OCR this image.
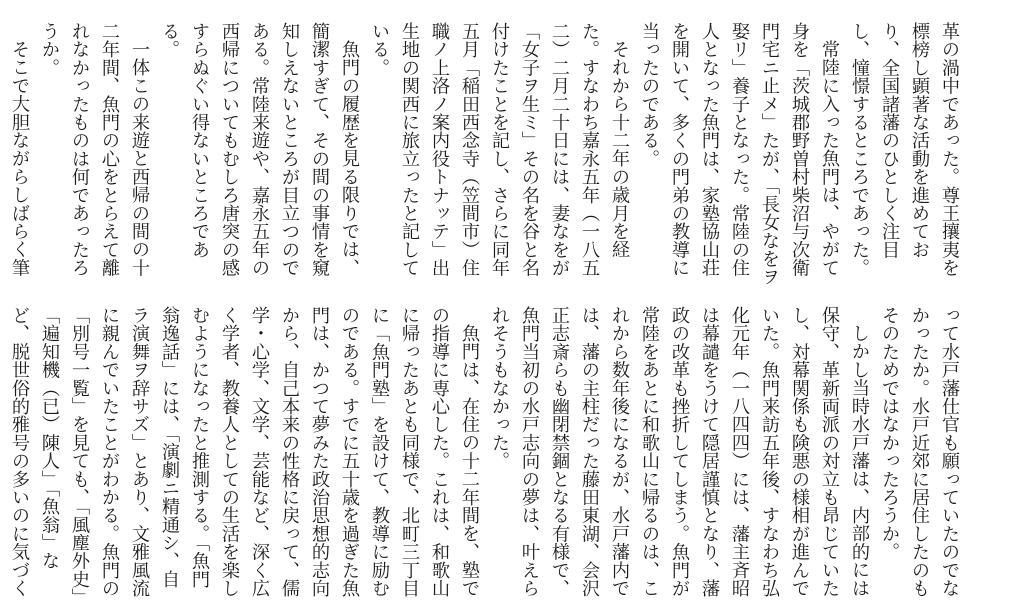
革の渦中であった。尊王攘夷を標榜し顕著な活動を進めており、全国諸藩のひとしく注目し、憧憬するところであった。

常陸に入った魚門は、やがて身を「茨城郡野曽村柴沼与次衛門宅ニ止メ」たが、「長女なをヲ娶リ」養子となった。常陸の住人となった魚門は、家塾協山荘を開いて、多くの門弟の教導に当ったのである。

それから十二年の歳月を経た。すなわち嘉永五年（一八五二）二月二十日には、妻なをが「女子ヲ生ミ」その名を谷と名付けたことを記し、さらに同年五月「稲田西念寺（笠間市）住職ノ上洛ノ案内役トナッテ」出生地の関西に旅立ったと記している。

魚門の履歴を見る限りでは、簡潔すぎて、その間の事情を窺知しえないところが目立つのである。常陸来遊や、嘉永五年の西帰についてもむしろ唐突の感すらぬぐい得ないところである。

一体この来遊と西帰の間の十二年間、魚門の心をとらえて離れなかったものは何であったろうか。

そこで大胆ながらしばらく筆

って水戸藩仕官も願っていたのでなかったか。水戸近郊に居住したのもそのためではなかったろうか。

しかし当時水戸藩は、内部的には保守、革新両派の対立も昂じていたし、対幕関係も険悪の様相が進んでいた。魚門来訪五年後、すなわち弘化元年（一八四四）には、藩主斉昭は幕譴をうけて隠居謹慎となり、藩政の改革も挫折してしまう。魚門が常陸をあとに和歌山に帰るのは、これから数年後になるが、水戸藩内では、藩の主柱だった藤田東湖、会沢正志斎らも幽閉禁錮となる有様で、魚門当初の水戸志向の夢は、叶えられそうもなかった。

魚門は、在住の十二年間を、塾での指導に専心した。これは、和歌山に帰ったあとも同様で、北町三丁目に「魚門塾」を設けて、教導に励むのである。すでに五十歳を過ぎた魚門は、かつて夢みた政治思想的志向から、自己本来の性格に戻って、儒学・心学、文学、芸能など、深く広く学者、教養人としての生活を楽しむようになったと推測する。「魚門翁逸話」には、「演劇ニ精通シ、自ラ演舞ヲ辞サズ」とあり、文雅風流に親んでいたことがわかる。魚門の「別号一覧」を見ても、「風塵外史」「遍知機（已）陳人」「魚翁」など、脱世俗的雅号の多いのに気づく
